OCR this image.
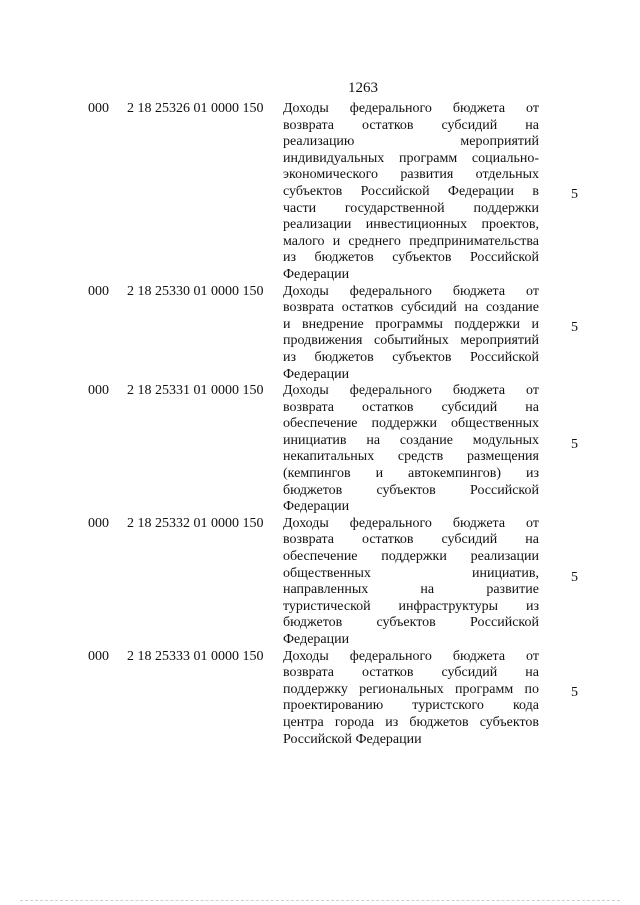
1263
000 2 18 25326 01 0000 150 Доходы федерального бюджета от
возврата остатков субсидий на
реализацию мероприятий
индивидуальных программ социально-
экономического развития отдельных
субъектов Российской Федерации в
части государственной поддержки
реализации инвестиционных проектов,
малого и среднего предпринимательства
из бюджетов субъектов Российской
Федерации
5
000 2 18 25330 01 0000 150 Доходы федерального бюджета от
возврата остатков субсидий на создание
и внедрение программы поддержки и
продвижения событийных мероприятий
из бюджетов субъектов Российской
Федерации
5
000 2 18 25331 01 0000 150 Доходы федерального бюджета от
возврата остатков субсидий на
обеспечение поддержки общественных
инициатив на создание модульных
некапитальных средств размещения
(кемпингов и автокемпингов) из
бюджетов субъектов Российской
Федерации
5
000 2 18 25332 01 0000 150 Доходы федерального бюджета от
возврата остатков субсидий на
обеспечение поддержки реализации
общественных инициатив,
направленных на развитие
туристической инфраструктуры из
бюджетов субъектов Российской
Федерации
5
000 2 18 25333 01 0000 150 Доходы федерального бюджета от
возврата остатков субсидий на
поддержку региональных программ по
проектированию туристского кода
центра города из бюджетов субъектов
Российской Федерации
5
